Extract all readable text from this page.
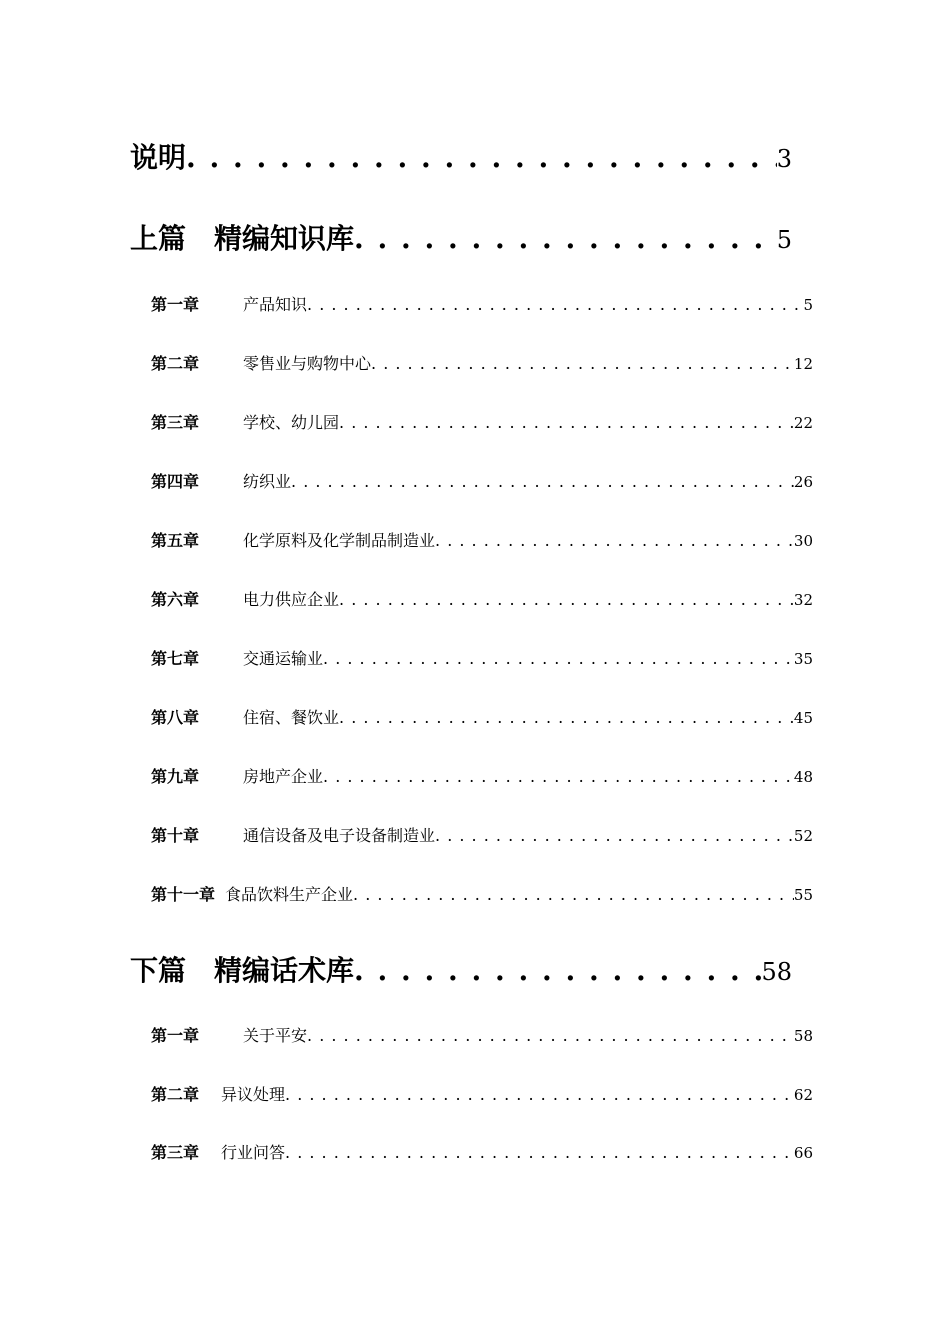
说明 . . .	3
上篇　精编知识库 . . .	5
第一章	产品知识 . . .	5
第二章	零售业与购物中心 . . .	12
第三章	学校、幼儿园 . . .	22
第四章	纺织业 . . .	26
第五章	化学原料及化学制品制造业 . . .	30
第六章	电力供应企业 . . .	32
第七章	交通运输业 . . .	35
第八章	住宿、餐饮业 . . .	45
第九章	房地产企业 . . .	48
第十章	通信设备及电子设备制造业 . . .	52
第十一章 食品饮料生产企业 . . .	55
下篇　精编话术库 . . .	58
第一章	关于平安 . . .	58
第二章 异议处理 . . .	62
第三章 行业问答 . . .	66
